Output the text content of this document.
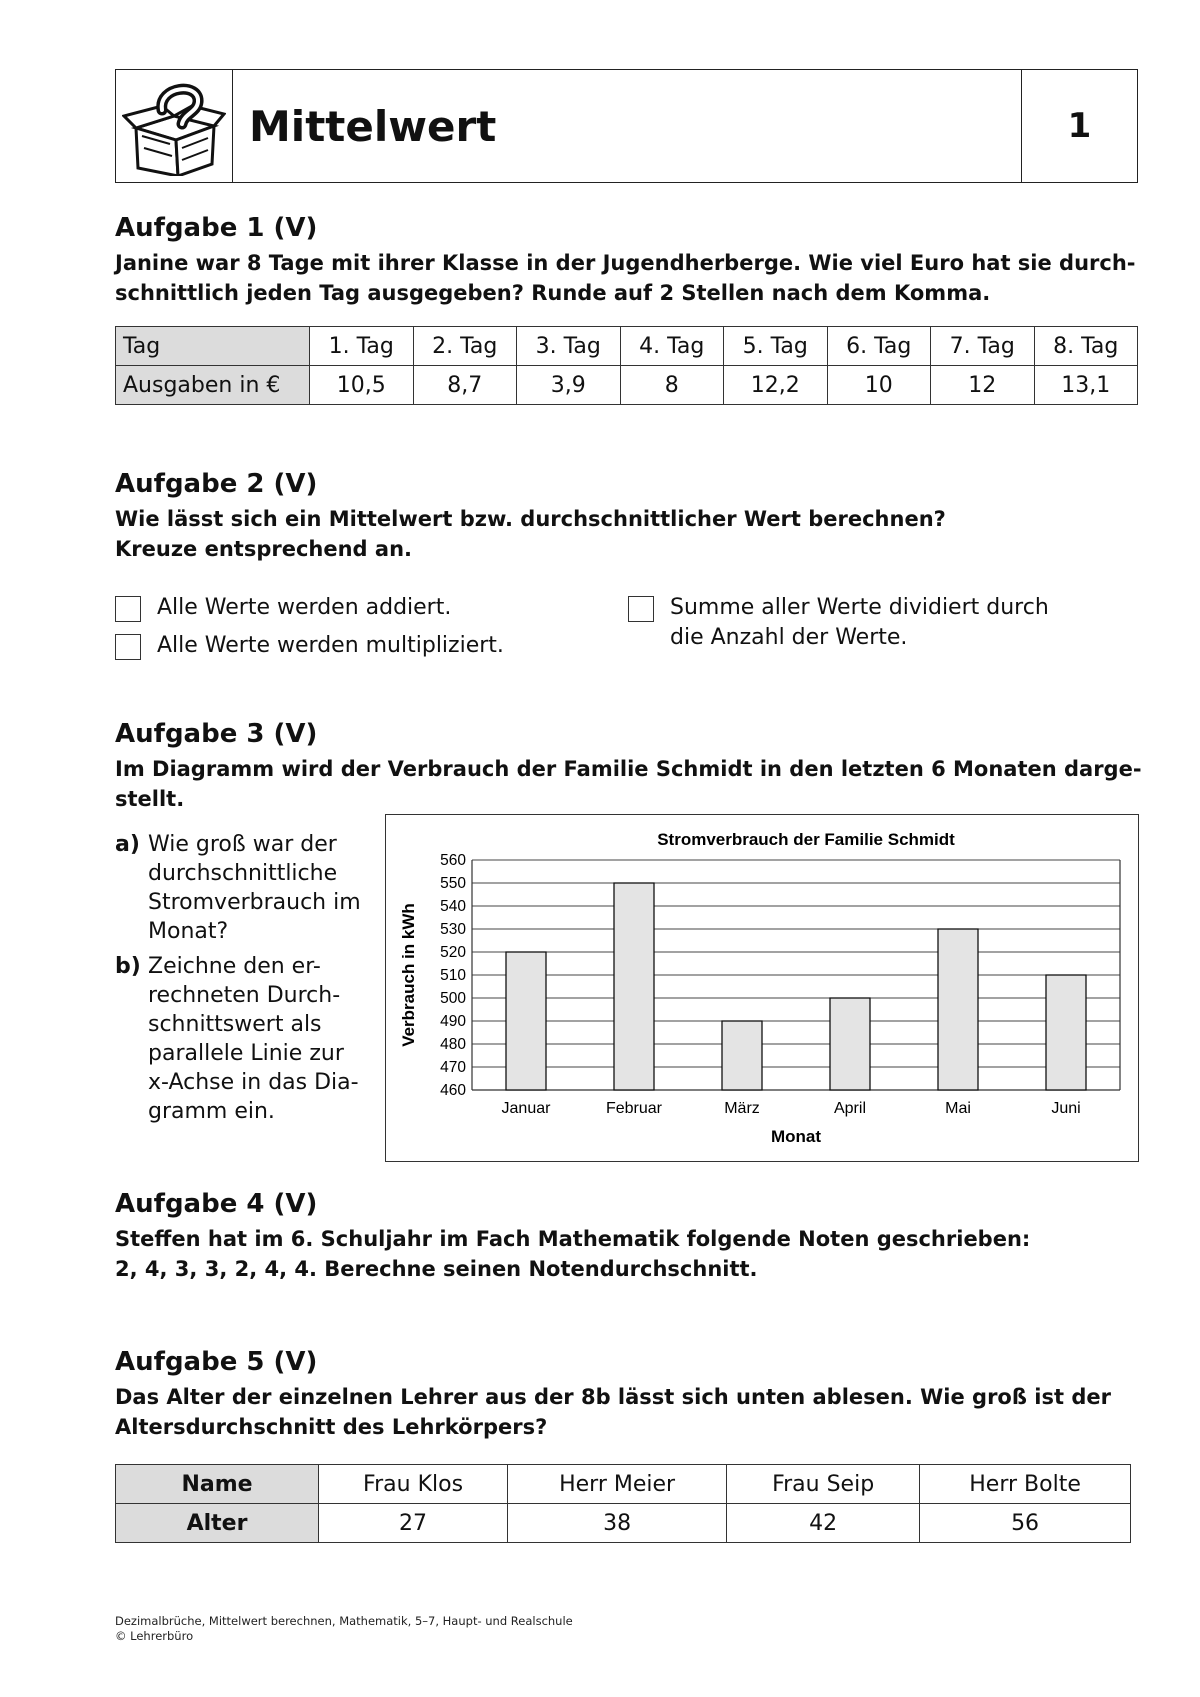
Mittelwert	1

Aufgabe 1 (V)

Janine war 8 Tage mit ihrer Klasse in der Jugendherberge. Wie viel Euro hat sie durch-

schnittlich jeden Tag ausgegeben? Runde auf 2 Stellen nach dem Komma.

Tag	1. Tag	2. Tag	3. Tag	4. Tag	5. Tag	6. Tag	7. Tag	8. Tag
Ausgaben in €	10,5	8,7	3,9	8	12,2	10	12	13,1

Aufgabe 2 (V)

Wie lässt sich ein Mittelwert bzw. durchschnittlicher Wert berechnen?

Kreuze entsprechend an.

Alle Werte werden addiert.
Alle Werte werden multipliziert.
Summe aller Werte dividiert durch
die Anzahl der Werte.

Aufgabe 3 (V)

Im Diagramm wird der Verbrauch der Familie Schmidt in den letzten 6 Monaten darge-

stellt.

a) Wie groß war der
durchschnittliche
Stromverbrauch im
Monat?
b) Zeichne den er-
rechneten Durch-
schnittswert als
parallele Linie zur
x-Achse in das Dia-
gramm ein.
Stromverbrauch der Familie Schmidt
460
470
480
490
500
510
520
530
540
550
560
Januar	Februar	März	April	Mai	Juni
Monat
Verbrauch in kWh

Aufgabe 4 (V)

Steffen hat im 6. Schuljahr im Fach Mathematik folgende Noten geschrieben:

2, 4, 3, 3, 2, 4, 4. Berechne seinen Notendurchschnitt.

Aufgabe 5 (V)

Das Alter der einzelnen Lehrer aus der 8b lässt sich unten ablesen. Wie groß ist der

Altersdurchschnitt des Lehrkörpers?

Name	Frau Klos	Herr Meier	Frau Seip	Herr Bolte
Alter	27	38	42	56
Dezimalbrüche, Mittelwert berechnen, Mathematik, 5–7, Haupt- und Realschule
© Lehrerbüro
